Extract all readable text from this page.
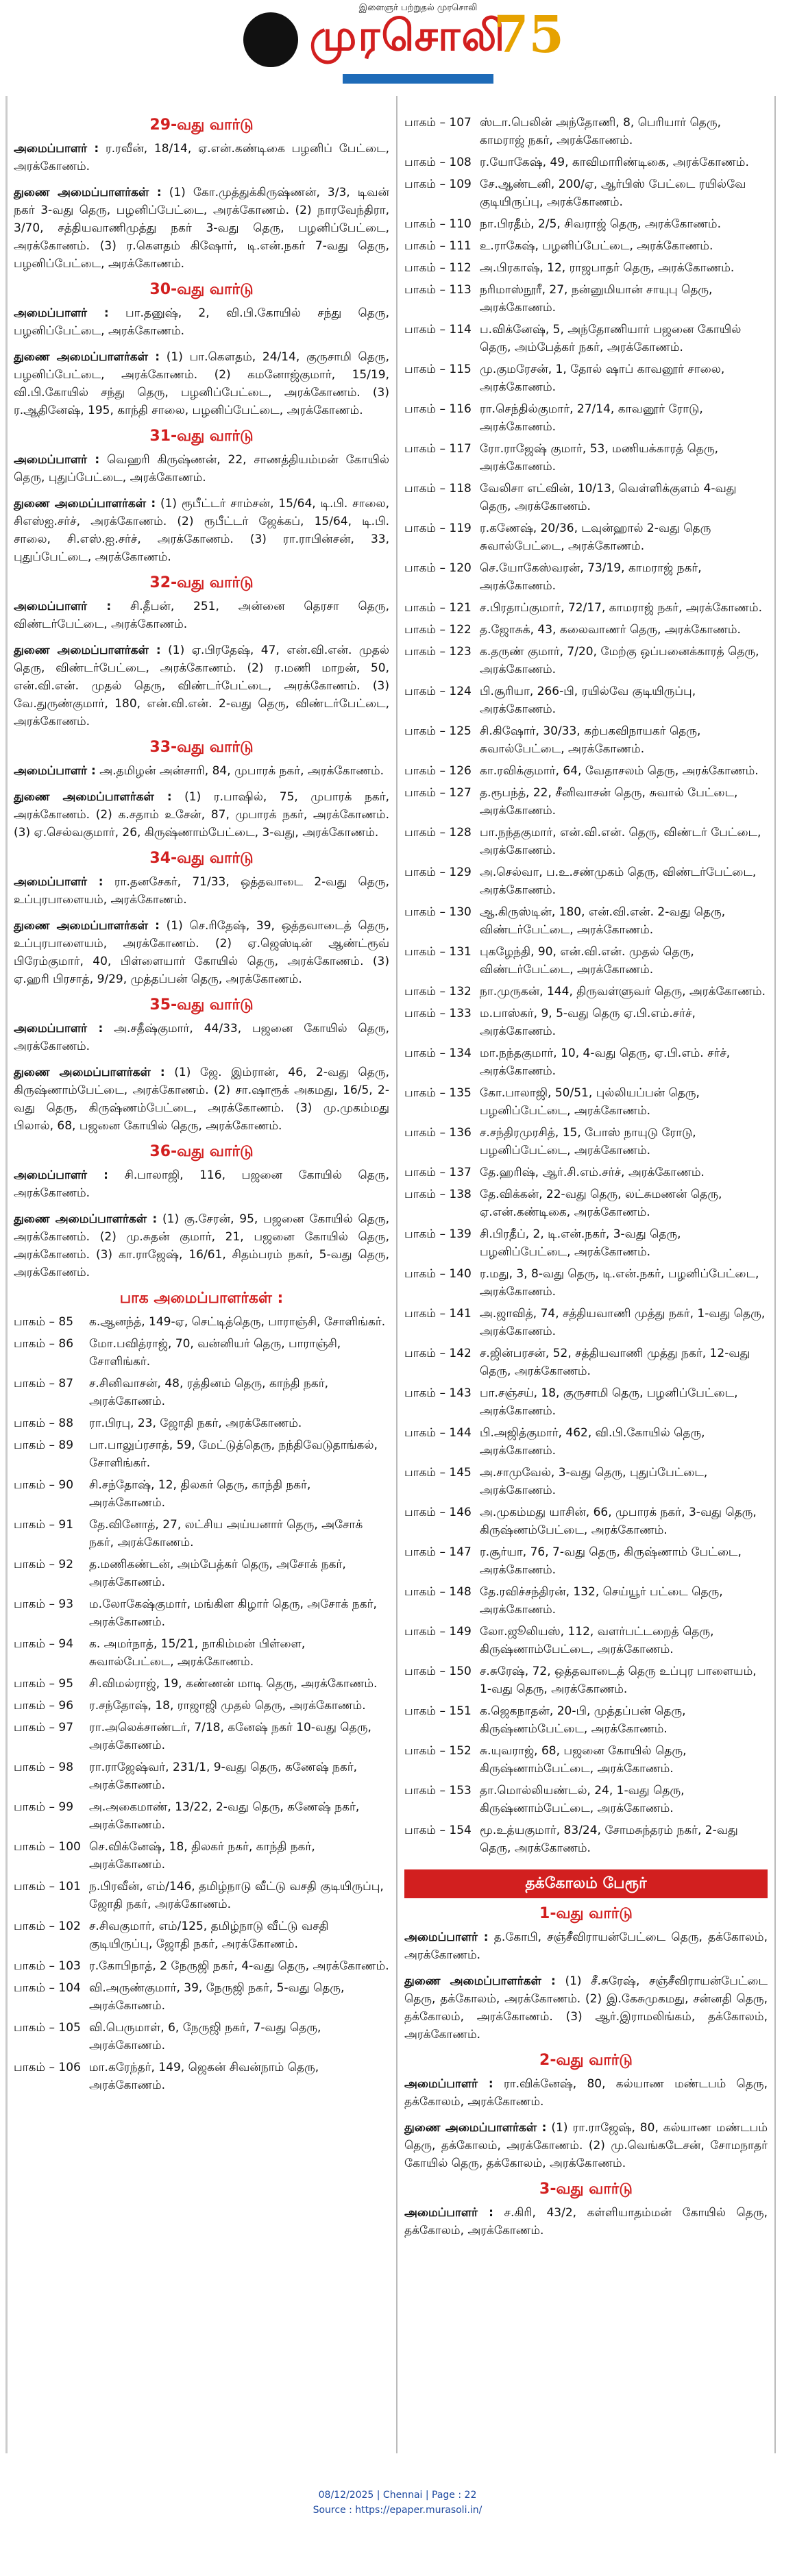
இளைஞர் பற்றுதல் முரசொலி
முரசொலி
75
29-வது வார்டு
அமைப்பாளர் : ர.ரவீன், 18/14, ஏ.என்.கண்டிகை பழனிப் பேட்டை, அரக்கோணம்.
துணை அமைப்பாளர்கள் : (1) கோ.முத்துக்கிருஷ்ணன், 3/3, டிவன் நகர் 3-வது தெரு, பழனிப்பேட்டை, அரக்கோணம். (2) நாரவேந்திரா, 3/70, சத்தியவாணிமுத்து நகர் 3-வது தெரு, பழனிப்பேட்டை, அரக்கோணம். (3) ர.கௌதம் கிஷோர், டி.என்.நகர் 7-வது தெரு, பழனிப்பேட்டை, அரக்கோணம்.
30-வது வார்டு
அமைப்பாளர் : பா.தனுஷ், 2, வி.பி.கோயில் சந்து தெரு, பழனிப்பேட்டை, அரக்கோணம்.
துணை அமைப்பாளர்கள் : (1) பா.கௌதம், 24/14, குருசாமி தெரு, பழனிப்பேட்டை, அரக்கோணம். (2) கமனோஜ்குமார், 15/19, வி.பி.கோயில் சந்து தெரு, பழனிப்பேட்டை, அரக்கோணம். (3) ர.ஆதினேஷ், 195, காந்தி சாலை, பழனிப்பேட்டை, அரக்கோணம்.
31-வது வார்டு
அமைப்பாளர் : வெஹரி கிருஷ்ணன், 22, சாணத்தியம்மன் கோயில் தெரு, புதுப்பேட்டை, அரக்கோணம்.
துணை அமைப்பாளர்கள் : (1) ரூபீட்டர் சாம்சன், 15/64, டி.பி. சாலை, சிஎஸ்ஐ.சர்ச், அரக்கோணம். (2) ரூபீட்டர் ஜேக்கப், 15/64, டி.பி. சாலை, சி.எஸ்.ஐ.சர்ச், அரக்கோணம். (3) ரா.ராபின்சன், 33, புதுப்பேட்டை, அரக்கோணம்.
32-வது வார்டு
அமைப்பாளர் : சி.தீபன், 251, அன்னை தெரசா தெரு, விண்டர்பேட்டை, அரக்கோணம்.
துணை அமைப்பாளர்கள் : (1) ஏ.பிரதேஷ், 47, என்.வி.என். முதல் தெரு, விண்டர்பேட்டை, அரக்கோணம். (2) ர.மணி மாறன், 50, என்.வி.என். முதல் தெரு, விண்டர்பேட்டை, அரக்கோணம். (3) வே.துருண்குமார், 180, என்.வி.என். 2-வது தெரு, விண்டர்பேட்டை, அரக்கோணம்.
33-வது வார்டு
அமைப்பாளர் : அ.தமிழன் அன்சாரி, 84, முபாரக் நகர், அரக்கோணம்.
துணை அமைப்பாளர்கள் : (1) ர.பாஷில், 75, முபாரக் நகர், அரக்கோணம். (2) க.சதாம் உசேன், 87, முபாரக் நகர், அரக்கோணம். (3) ஏ.செல்வகுமார், 26, கிருஷ்ணாம்பேட்டை, 3-வது, அரக்கோணம்.
34-வது வார்டு
அமைப்பாளர் : ரா.தனசேகர், 71/33, ஒத்தவாடை 2-வது தெரு, உப்புரபாளையம், அரக்கோணம்.
துணை அமைப்பாளர்கள் : (1) செ.ரிதேஷ், 39, ஒத்தவாடைத் தெரு, உப்புரபாளையம், அரக்கோணம். (2) ஏ.ஜெஸ்டின் ஆண்ட்ரூவ் பிரேம்குமார், 40, பிள்ளையார் கோயில் தெரு, அரக்கோணம். (3) ஏ.ஹரி பிரசாத், 9/29, முத்தப்பன் தெரு, அரக்கோணம்.
35-வது வார்டு
அமைப்பாளர் : அ.சதீஷ்குமார், 44/33, பஜனை கோயில் தெரு, அரக்கோணம்.
துணை அமைப்பாளர்கள் : (1) ஜே. இம்ரான், 46, 2-வது தெரு, கிருஷ்ணாம்பேட்டை, அரக்கோணம். (2) சா.ஷாரூக் அகமது, 16/5, 2-வது தெரு, கிருஷ்ணம்பேட்டை, அரக்கோணம். (3) மு.முகம்மது பிலால், 68, பஜனை கோயில் தெரு, அரக்கோணம்.
36-வது வார்டு
அமைப்பாளர் : சி.பாலாஜி, 116, பஜனை கோயில் தெரு, அரக்கோணம்.
துணை அமைப்பாளர்கள் : (1) கு.சேரன், 95, பஜனை கோயில் தெரு, அரக்கோணம். (2) மு.சுதன் குமார், 21, பஜனை கோயில் தெரு, அரக்கோணம். (3) கா.ராஜேஷ், 16/61, சிதம்பரம் நகர், 5-வது தெரு, அரக்கோணம்.
பாக அமைப்பாளர்கள் :
பாகம் – 85	க.ஆனந்த், 149-ஏ, செட்டித்தெரு, பாராஞ்சி, சோளிங்கர்.
பாகம் – 86	மோ.பவித்ராஜ், 70, வன்னியர் தெரு, பாராஞ்சி, சோளிங்கர்.
பாகம் – 87	ச.சினிவாசன், 48, ரத்தினம் தெரு, காந்தி நகர், அரக்கோணம்.
பாகம் – 88	ரா.பிரபு, 23, ஜோதி நகர், அரக்கோணம்.
பாகம் – 89	பா.பாலுப்ரசாத், 59, மேட்டுத்தெரு, நந்திவேடுதாங்கல், சோளிங்கர்.
பாகம் – 90	சி.சந்தோஷ், 12, திலகர் தெரு, காந்தி நகர், அரக்கோணம்.
பாகம் – 91	தே.வினோத், 27, லட்சிய அய்யனார் தெரு, அசோக் நகர், அரக்கோணம்.
பாகம் – 92	த.மணிகண்டன், அம்பேத்கர் தெரு, அசோக் நகர், அரக்கோணம்.
பாகம் – 93	ம.லோகேஷ்குமார், மங்கிள கிழார் தெரு, அசோக் நகர், அரக்கோணம்.
பாகம் – 94	க. அமர்நாத், 15/21, நாகிம்மன் பிள்ளை, சுவால்பேட்டை, அரக்கோணம்.
பாகம் – 95	சி.விமல்ராஜ், 19, கண்ணன் மாடி தெரு, அரக்கோணம்.
பாகம் – 96	ர.சந்தோஷ், 18, ராஜாஜி முதல் தெரு, அரக்கோணம்.
பாகம் – 97	ரா.அலெக்சாண்டர், 7/18, கனேஷ் நகர் 10-வது தெரு, அரக்கோணம்.
பாகம் – 98	ரா.ராஜேஷ்வர், 231/1, 9-வது தெரு, கணேஷ் நகர், அரக்கோணம்.
பாகம் – 99	அ.அகைமாண், 13/22, 2-வது தெரு, கணேஷ் நகர், அரக்கோணம்.
பாகம் – 100 செ.விக்னேஷ், 18, திலகர் நகர், காந்தி நகர், அரக்கோணம்.
பாகம் – 101 ந.பிரவீன், எம்/146, தமிழ்நாடு வீட்டு வசதி குடியிருப்பு, ஜோதி நகர், அரக்கோணம்.
பாகம் – 102 ச.சிவகுமார், எம்/125, தமிழ்நாடு வீட்டு வசதி குடியிருப்பு, ஜோதி நகர், அரக்கோணம்.
பாகம் – 103 ர.கோபிநாத், 2 நேருஜி நகர், 4-வது தெரு, அரக்கோணம்.
பாகம் – 104 வி.அருண்குமார், 39, நேருஜி நகர், 5-வது தெரு, அரக்கோணம்.
பாகம் – 105 வி.பெருமாள், 6, நேருஜி நகர், 7-வது தெரு, அரக்கோணம்.
பாகம் – 106 மா.கரேந்தர், 149, ஜெகன் சிவன்நாம் தெரு, அரக்கோணம்.
பாகம் – 107 ஸ்டா.பெலின் அந்தோணி, 8, பெரியார் தெரு, காமராஜ் நகர், அரக்கோணம்.
பாகம் – 108 ர.யோகேஷ், 49, காவிமாரிண்டிகை, அரக்கோணம்.
பாகம் – 109 சே.ஆண்டனி, 200/ஏ, ஆர்பிஸ் பேட்டை ரயில்வே குடியிருப்பு, அரக்கோணம்.
பாகம் – 110 நா.பிரதீம், 2/5, சிவராஜ் தெரு, அரக்கோணம்.
பாகம் – 111 உ.ராகேஷ், பழனிப்பேட்டை, அரக்கோணம்.
பாகம் – 112 அ.பிரகாஷ், 12, ராஜபாதர் தெரு, அரக்கோணம்.
பாகம் – 113 நரிமாஸ்நூரீ, 27, நன்னுமியான் சாயுபு தெரு, அரக்கோணம்.
பாகம் – 114 ப.விக்னேஷ், 5, அந்தோணியார் பஜனை கோயில் தெரு, அம்பேத்கர் நகர், அரக்கோணம்.
பாகம் – 115 மு.குமரேசன், 1, தோல் ஷாப் காவனூர் சாலை, அரக்கோணம்.
பாகம் – 116 ரா.செந்தில்குமார், 27/14, காவனூர் ரோடு, அரக்கோணம்.
பாகம் – 117 ரோ.ராஜேஷ் குமார், 53, மணியக்காரத் தெரு, அரக்கோணம்.
பாகம் – 118 வேலிசா எட்வின், 10/13, வெள்ளிக்குளம் 4-வது தெரு, அரக்கோணம்.
பாகம் – 119 ர.கணேஷ், 20/36, டவுன்ஹால் 2-வது தெரு சுவால்பேட்டை, அரக்கோணம்.
பாகம் – 120 செ.யோகேஸ்வரன், 73/19, காமராஜ் நகர், அரக்கோணம்.
பாகம் – 121 ச.பிரதாப்குமார், 72/17, காமராஜ் நகர், அரக்கோணம்.
பாகம் – 122 த.ஜோசுக், 43, கலைவாணர் தெரு, அரக்கோணம்.
பாகம் – 123 க.தருண் குமார், 7/20, மேற்கு ஒப்பனைக்காரத் தெரு, அரக்கோணம்.
பாகம் – 124 பி.சூரியா, 266-பி, ரயில்வே குடியிருப்பு, அரக்கோணம்.
பாகம் – 125 சி.கிஷோர், 30/33, கற்பகவிநாயகர் தெரு, சுவால்பேட்டை, அரக்கோணம்.
பாகம் – 126 கா.ரவிக்குமார், 64, வேதாசலம் தெரு, அரக்கோணம்.
பாகம் – 127 த.ரூபந்த், 22, சீனிவாசன் தெரு, சுவால் பேட்டை, அரக்கோணம்.
பாகம் – 128 பா.நந்தகுமார், என்.வி.என். தெரு, விண்டர் பேட்டை, அரக்கோணம்.
பாகம் – 129 அ.செல்வா, ப.உ.சண்முகம் தெரு, விண்டர்பேட்டை, அரக்கோணம்.
பாகம் – 130 ஆ.கிருஸ்டின், 180, என்.வி.என். 2-வது தெரு, விண்டர்பேட்டை, அரக்கோணம்.
பாகம் – 131 புகழேந்தி, 90, என்.வி.என். முதல் தெரு, விண்டர்பேட்டை, அரக்கோணம்.
பாகம் – 132 நா.முருகன், 144, திருவள்ளுவர் தெரு, அரக்கோணம்.
பாகம் – 133 ம.பாஸ்கர், 9, 5-வது தெரு ஏ.பி.எம்.சர்ச், அரக்கோணம்.
பாகம் – 134 மா.நந்தகுமார், 10, 4-வது தெரு, ஏ.பி.எம். சர்ச், அரக்கோணம்.
பாகம் – 135 கோ.பாலாஜி, 50/51, புல்லியப்பன் தெரு, பழனிப்பேட்டை, அரக்கோணம்.
பாகம் – 136 ச.சந்திரமுரசித், 15, போஸ் நாயுடு ரோடு, பழனிப்பேட்டை, அரக்கோணம்.
பாகம் – 137 தே.ஹரிஷ், ஆர்.சி.எம்.சர்ச், அரக்கோணம்.
பாகம் – 138 தே.விக்கன், 22-வது தெரு, லட்சுமணன் தெரு, ஏ.என்.கண்டிகை, அரக்கோணம்.
பாகம் – 139 சி.பிரதீப், 2, டி.என்.நகர், 3-வது தெரு, பழனிப்பேட்டை, அரக்கோணம்.
பாகம் – 140 ர.மது, 3, 8-வது தெரு, டி.என்.நகர், பழனிப்பேட்டை, அரக்கோணம்.
பாகம் – 141 அ.ஜாவித், 74, சத்தியவாணி முத்து நகர், 1-வது தெரு, அரக்கோணம்.
பாகம் – 142 ச.ஜின்பரசன், 52, சத்தியவாணி முத்து நகர், 12-வது தெரு, அரக்கோணம்.
பாகம் – 143 பா.சஞ்சய், 18, குருசாமி தெரு, பழனிப்பேட்டை, அரக்கோணம்.
பாகம் – 144 பி.அஜித்குமார், 462, வி.பி.கோயில் தெரு, அரக்கோணம்.
பாகம் – 145 அ.சாமுவேல், 3-வது தெரு, புதுப்பேட்டை, அரக்கோணம்.
பாகம் – 146 அ.முகம்மது யாசின், 66, முபாரக் நகர், 3-வது தெரு, கிருஷ்ணம்பேட்டை, அரக்கோணம்.
பாகம் – 147 ர.சூர்யா, 76, 7-வது தெரு, கிருஷ்ணாம் பேட்டை, அரக்கோணம்.
பாகம் – 148 தே.ரவிச்சந்திரன், 132, செய்யூர் பட்டை தெரு, அரக்கோணம்.
பாகம் – 149 லோ.ஜூலியஸ், 112, வளர்பட்டறைத் தெரு, கிருஷ்ணாம்பேட்டை, அரக்கோணம்.
பாகம் – 150 ச.சுரேஷ், 72, ஒத்தவாடைத் தெரு உப்புர பாளையம், 1-வது தெரு, அரக்கோணம்.
பாகம் – 151 க.ஜெகநாதன், 20-பி, முத்தப்பன் தெரு, கிருஷ்ணம்பேட்டை, அரக்கோணம்.
பாகம் – 152 சு.யுவராஜ், 68, பஜனை கோயில் தெரு, கிருஷ்ணாம்பேட்டை, அரக்கோணம்.
பாகம் – 153 தா.மொல்லியண்டல், 24, 1-வது தெரு, கிருஷ்ணாம்பேட்டை, அரக்கோணம்.
பாகம் – 154 மூ.உத்யகுமார், 83/24, சோமசுந்தரம் நகர், 2-வது தெரு, அரக்கோணம்.
தக்கோலம் பேரூர்
1-வது வார்டு
அமைப்பாளர் : த.கோபி, சஞ்சீவிராயன்பேட்டை தெரு, தக்கோலம், அரக்கோணம்.
துணை அமைப்பாளர்கள் : (1) சீ.சுரேஷ், சஞ்சீவிராயன்பேட்டை தெரு, தக்கோலம், அரக்கோணம். (2) இ.கேசுமுகமது, சன்னதி தெரு, தக்கோலம், அரக்கோணம். (3) ஆர்.இராமலிங்கம், தக்கோலம், அரக்கோணம்.
2-வது வார்டு
அமைப்பாளர் : ரா.விக்னேஷ், 80, கல்யாண மண்டபம் தெரு, தக்கோலம், அரக்கோணம்.
துணை அமைப்பாளர்கள் : (1) ரா.ராஜேஷ், 80, கல்யாண மண்டபம் தெரு, தக்கோலம், அரக்கோணம். (2) மு.வெங்கடேசன், சோமநாதர் கோயில் தெரு, தக்கோலம், அரக்கோணம்.
3-வது வார்டு
அமைப்பாளர் : ச.கிரி, 43/2, கள்ளியாதம்மன் கோயில் தெரு, தக்கோலம், அரக்கோணம்.
08/12/2025 | Chennai | Page : 22
Source : https://epaper.murasoli.in/
